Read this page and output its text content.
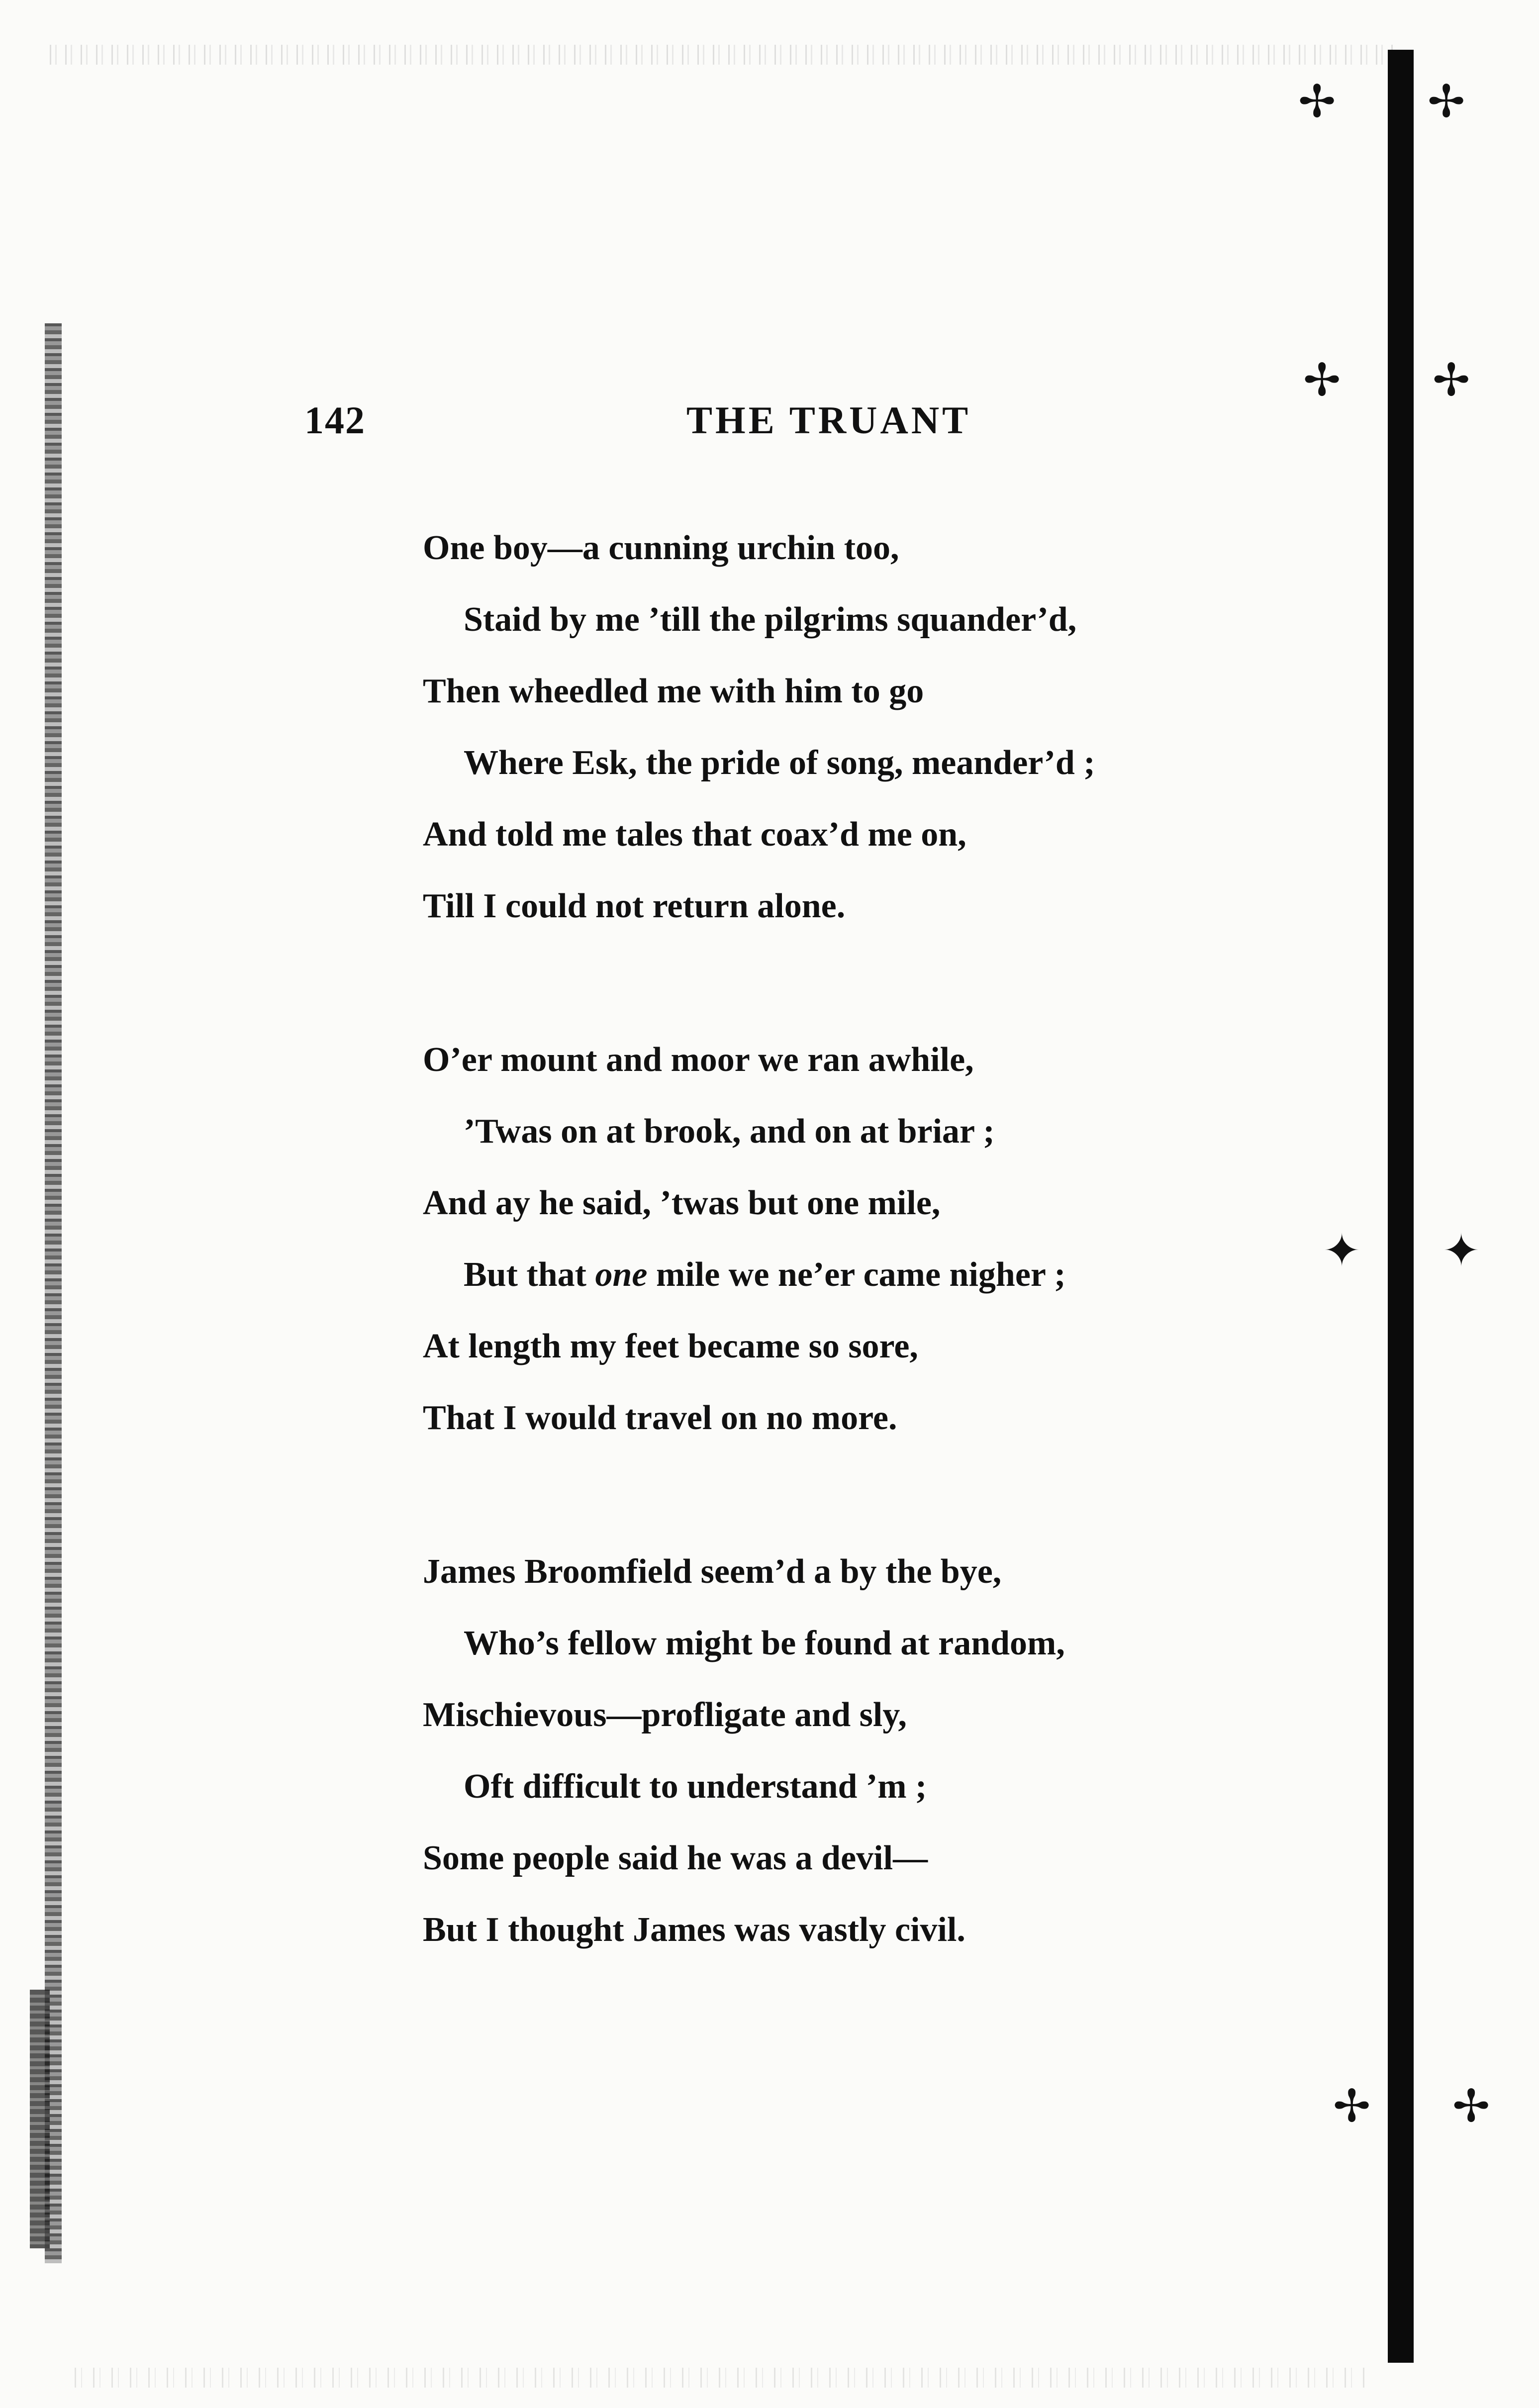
✢ ✢
✢ ✢
✦ ✦
✢ ✢
142	THE TRUANT
One boy—a cunning urchin too,
Staid by me ’till the pilgrims squander’d,
Then wheedled me with him to go
Where Esk, the pride of song, meander’d ;
And told me tales that coax’d me on,
Till I could not return alone.
O’er mount and moor we ran awhile,
’Twas on at brook, and on at briar ;
And ay he said, ’twas but one mile,
But that one mile we ne’er came nigher ;
At length my feet became so sore,
That I would travel on no more.
James Broomfield seem’d a by the bye,
Who’s fellow might be found at random,
Mischievous—profligate and sly,
Oft difficult to understand ’m ;
Some people said he was a devil—
But I thought James was vastly civil.
